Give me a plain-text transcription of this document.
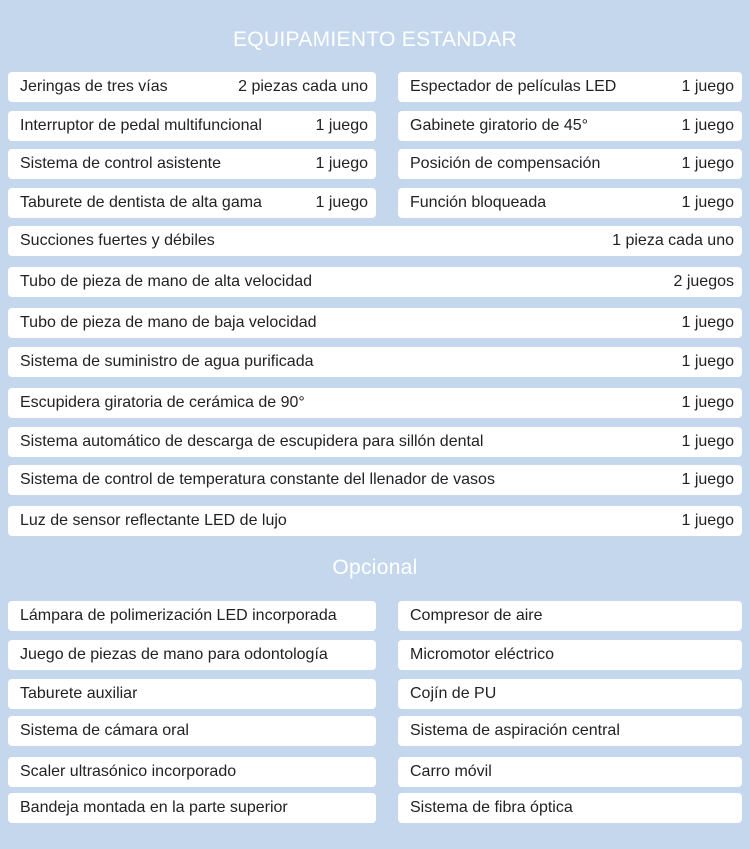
EQUIPAMIENTO ESTANDAR
Jeringas de tres vías	2 piezas cada uno	Espectador de películas LED	1 juego
Interruptor de pedal multifuncional	1 juego	Gabinete giratorio de 45°	1 juego
Sistema de control asistente	1 juego	Posición de compensación	1 juego
Taburete de dentista de alta gama	1 juego	Función bloqueada	1 juego
Succiones fuertes y débiles	1 pieza cada uno
Tubo de pieza de mano de alta velocidad	2 juegos
Tubo de pieza de mano de baja velocidad	1 juego
Sistema de suministro de agua purificada	1 juego
Escupidera giratoria de cerámica de 90°	1 juego
Sistema automático de descarga de escupidera para sillón dental	1 juego
Sistema de control de temperatura constante del llenador de vasos	1 juego
Luz de sensor reflectante LED de lujo	1 juego
Opcional
Lámpara de polimerización LED incorporada	Compresor de aire
Juego de piezas de mano para odontología	Micromotor eléctrico
Taburete auxiliar	Cojín de PU
Sistema de cámara oral	Sistema de aspiración central
Scaler ultrasónico incorporado	Carro móvil
Bandeja montada en la parte superior	Sistema de fibra óptica
